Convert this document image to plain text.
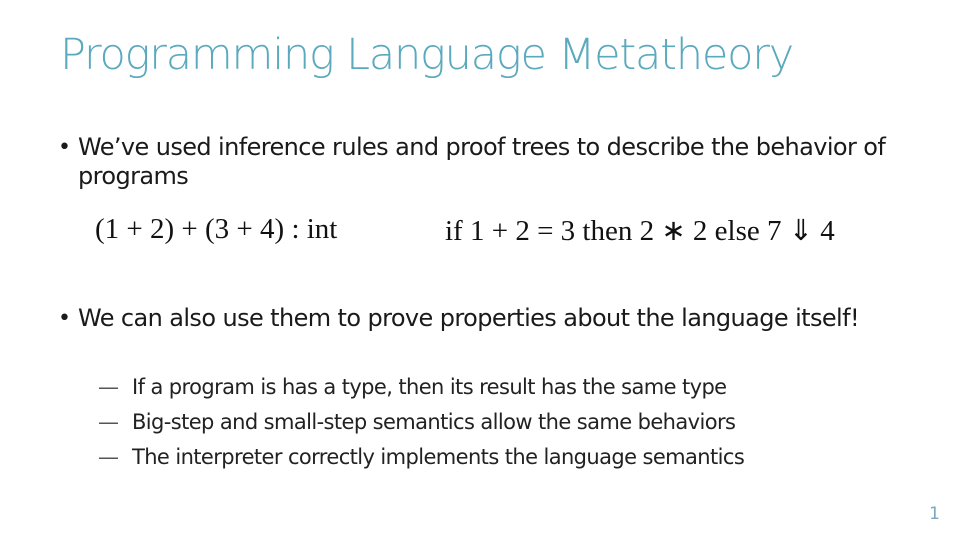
Programming Language Metatheory
• We’ve used inference rules and proof trees to describe the behavior of programs
(1 + 2) + (3 + 4) : int	if 1 + 2 = 3 then 2 ∗ 2 else 7 ⇓ 4
• We can also use them to prove properties about the language itself!
— If a program is has a type, then its result has the same type
— Big-step and small-step semantics allow the same behaviors
— The interpreter correctly implements the language semantics
1
